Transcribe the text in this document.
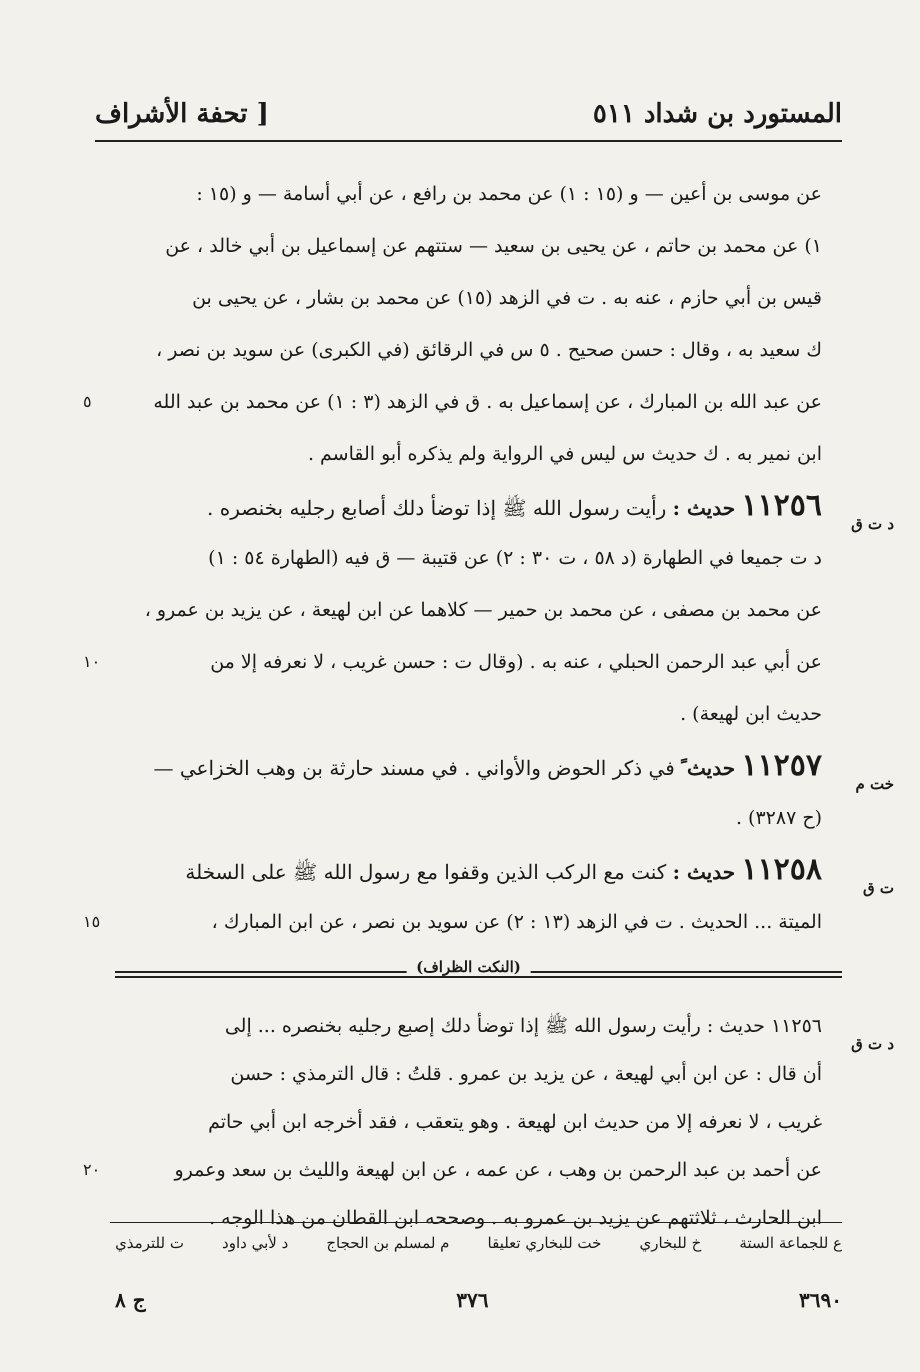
المستورد بن شداد ٥١١
[ تحفة الأشراف
عن موسى بن أعين — و (١٥ : ١) عن محمد بن رافع ، عن أبي أسامة — و (١٥ :
١) عن محمد بن حاتم ، عن يحيى بن سعيد — ستتهم عن إسماعيل بن أبي خالد ، عن
قيس بن أبي حازم ، عنه به . ت في الزهد (١٥) عن محمد بن بشار ، عن يحيى بن
ك سعيد به ، وقال : حسن صحيح . ٥ س في الرقائق (في الكبرى) عن سويد بن نصر ،
عن عبد الله بن المبارك ، عن إسماعيل به . ق في الزهد (٣ : ١) عن محمد بن عبد الله
٥
ابن نمير به . ك حديث س ليس في الرواية ولم يذكره أبو القاسم .
١١٢٥٦ حديث : رأيت رسول الله ﷺ إذا توضأ دلك أصابع رجليه بخنصره .
د ت ق
د ت جميعا في الطهارة (د ٥٨ ، ت ٣٠ : ٢) عن قتيبة — ق فيه (الطهارة ٥٤ : ١)
عن محمد بن مصفى ، عن محمد بن حمير — كلاهما عن ابن لهيعة ، عن يزيد بن عمرو ،
عن أبي عبد الرحمن الحبلي ، عنه به . (وقال ت : حسن غريب ، لا نعرفه إلا من
١٠
حديث ابن لهيعة) .
١١٢٥٧ حديث ً في ذكر الحوض والأواني . في مسند حارثة بن وهب الخزاعي —
خت م
(ح ٣٢٨٧) .
١١٢٥٨ حديث : كنت مع الركب الذين وقفوا مع رسول الله ﷺ على السخلة
ت ق
الميتة ... الحديث . ت في الزهد (١٣ : ٢) عن سويد بن نصر ، عن ابن المبارك ،
١٥
(النكت الظراف)
١١٢٥٦ حديث : رأيت رسول الله ﷺ إذا توضأ دلك إصبع رجليه بخنصره ... إلى
د ت ق
أن قال : عن ابن أبي لهيعة ، عن يزيد بن عمرو . قلتُ : قال الترمذي : حسن
غريب ، لا نعرفه إلا من حديث ابن لهيعة . وهو يتعقب ، فقد أخرجه ابن أبي حاتم
عن أحمد بن عبد الرحمن بن وهب ، عن عمه ، عن ابن لهيعة والليث بن سعد وعمرو
٢٠
ابن الحارث ، ثلاثتهم عن يزيد بن عمرو به . وصححه ابن القطان من هذا الوجه .
ع للجماعة الستة
خ للبخاري
خت للبخاري تعليقا
م لمسلم بن الحجاج
د لأبي داود
ت للترمذي
٣٦٩٠
٣٧٦
ج ٨
